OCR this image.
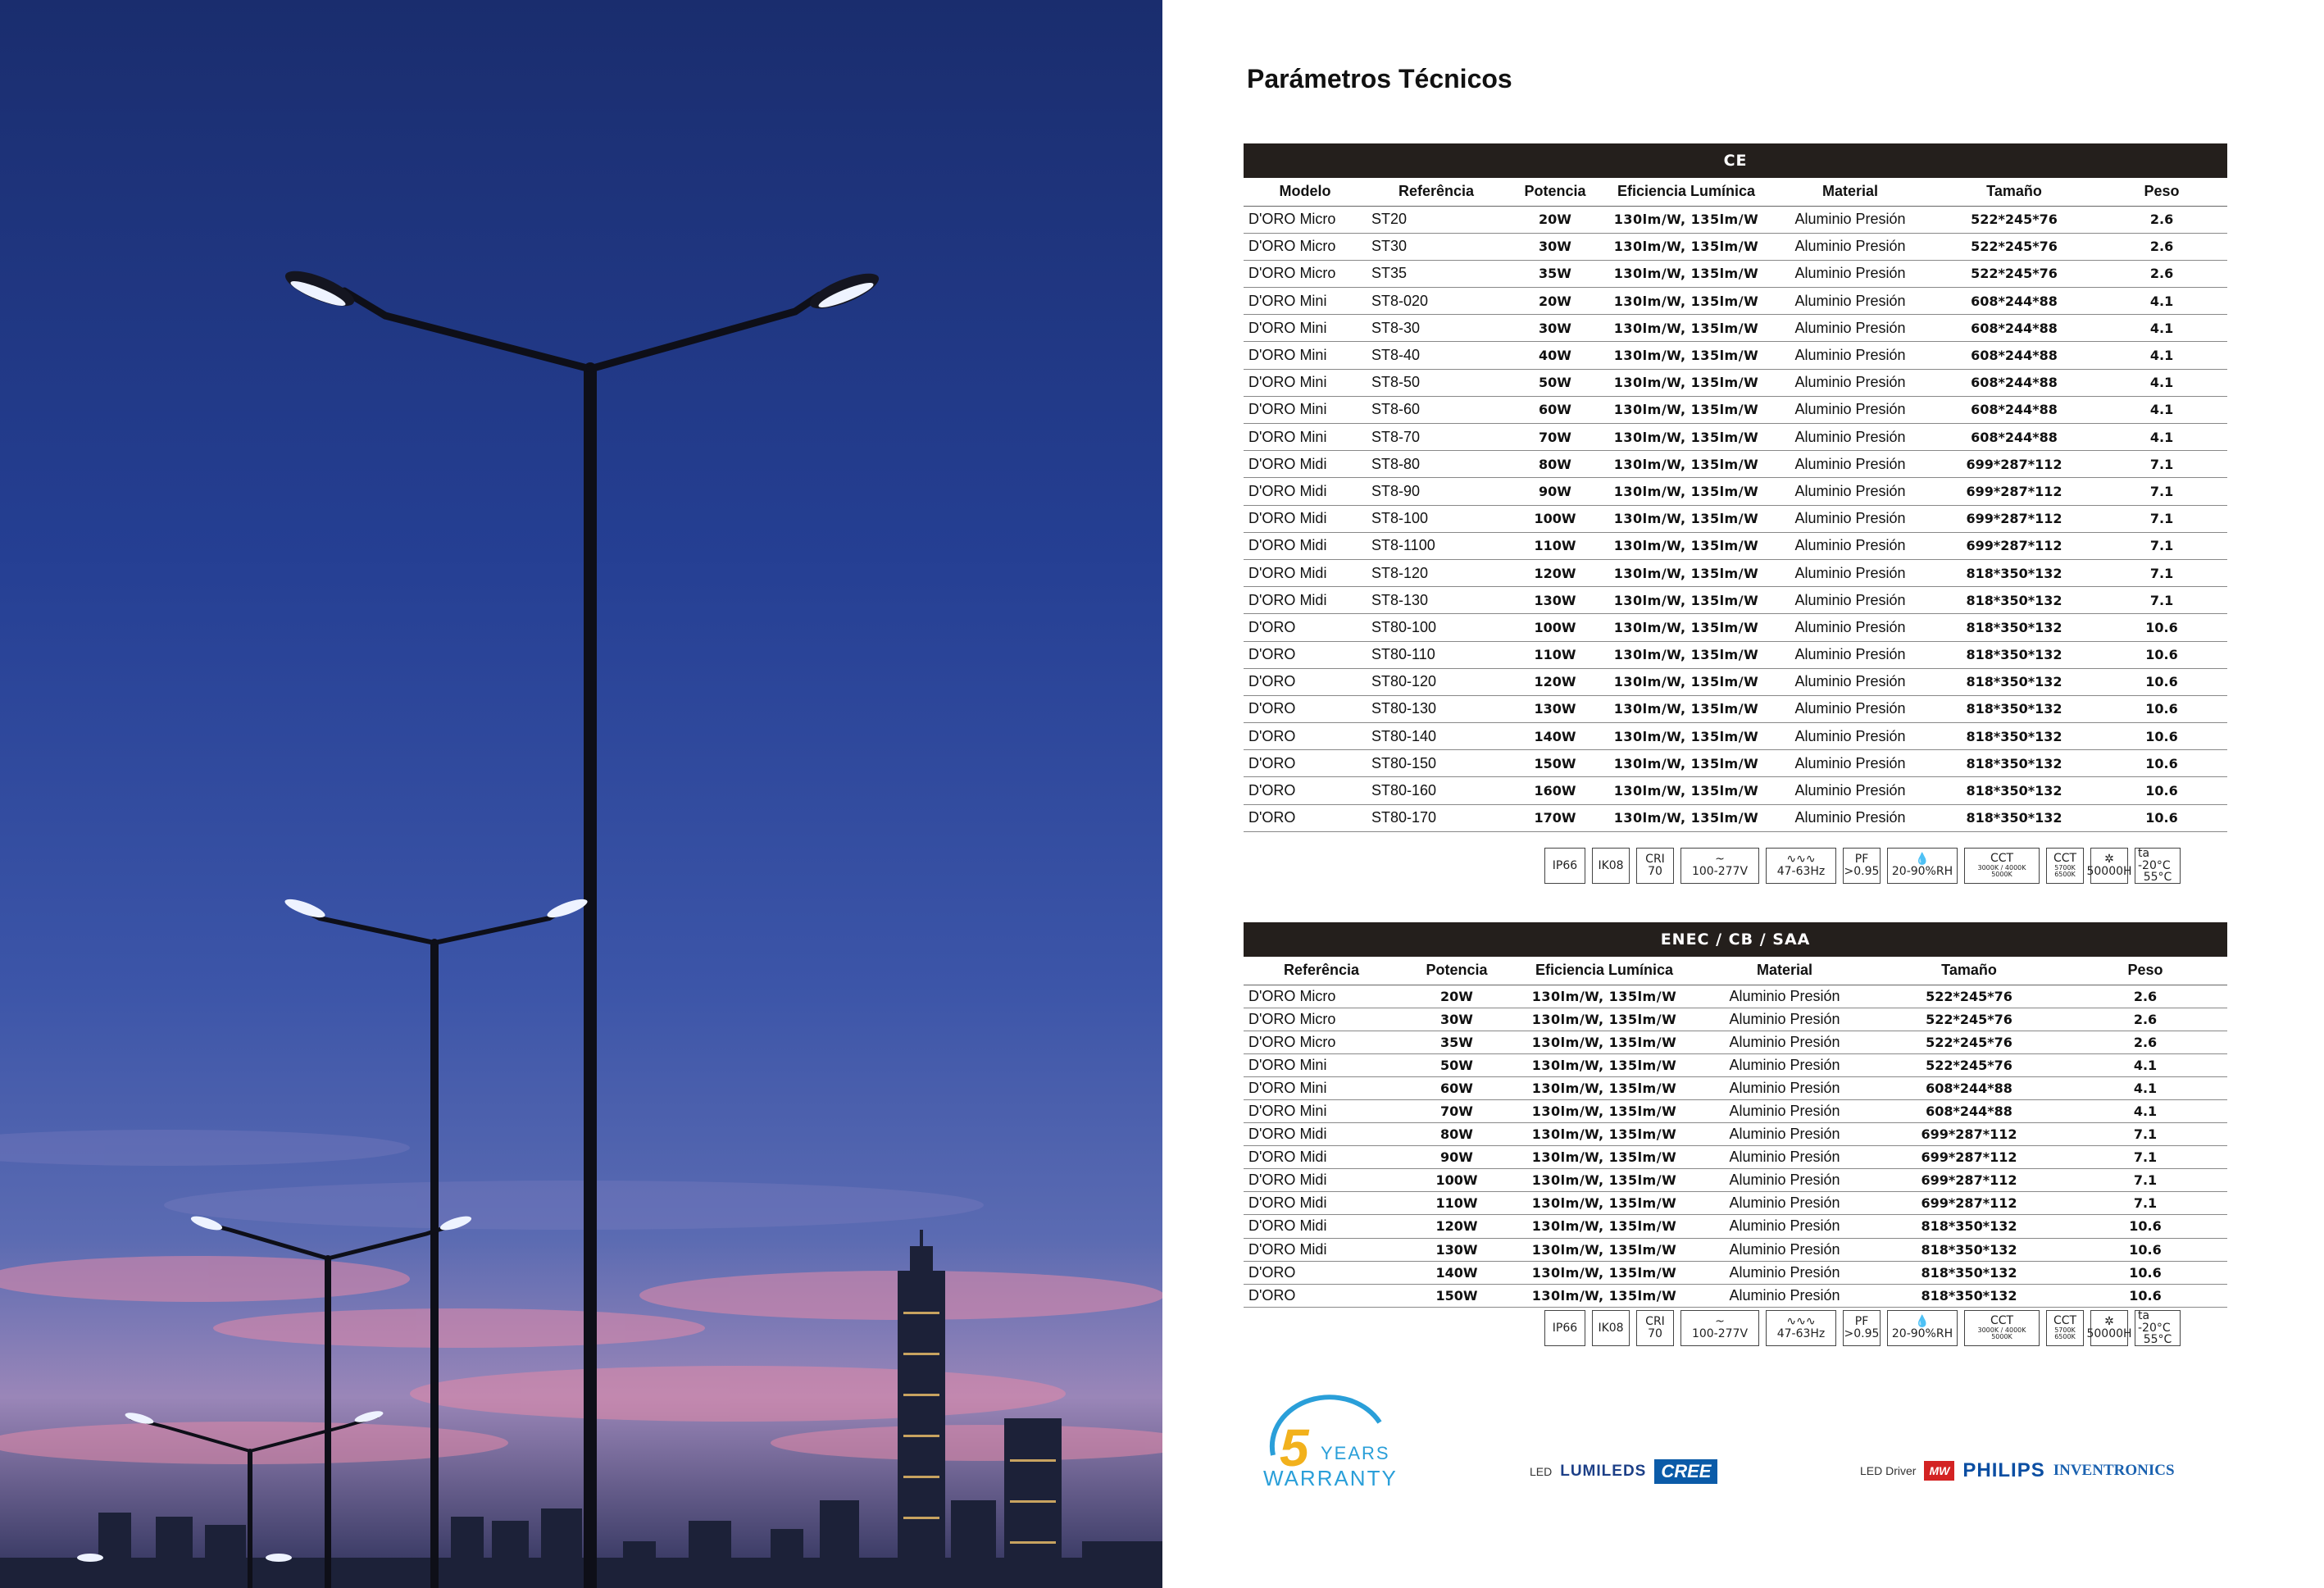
Parámetros Técnicos
CE						
Modelo	Referência	Potencia	Eficiencia Lumínica	Material	Tamaño	Peso
D'ORO Micro	ST20	20W	130lm/W, 135lm/W	Aluminio Presión	522*245*76	2.6
D'ORO Micro	ST30	30W	130lm/W, 135lm/W	Aluminio Presión	522*245*76	2.6
D'ORO Micro	ST35	35W	130lm/W, 135lm/W	Aluminio Presión	522*245*76	2.6
D'ORO Mini	ST8-020	20W	130lm/W, 135lm/W	Aluminio Presión	608*244*88	4.1
D'ORO Mini	ST8-30	30W	130lm/W, 135lm/W	Aluminio Presión	608*244*88	4.1
D'ORO Mini	ST8-40	40W	130lm/W, 135lm/W	Aluminio Presión	608*244*88	4.1
D'ORO Mini	ST8-50	50W	130lm/W, 135lm/W	Aluminio Presión	608*244*88	4.1
D'ORO Mini	ST8-60	60W	130lm/W, 135lm/W	Aluminio Presión	608*244*88	4.1
D'ORO Mini	ST8-70	70W	130lm/W, 135lm/W	Aluminio Presión	608*244*88	4.1
D'ORO Midi	ST8-80	80W	130lm/W, 135lm/W	Aluminio Presión	699*287*112	7.1
D'ORO Midi	ST8-90	90W	130lm/W, 135lm/W	Aluminio Presión	699*287*112	7.1
D'ORO Midi	ST8-100	100W	130lm/W, 135lm/W	Aluminio Presión	699*287*112	7.1
D'ORO Midi	ST8-1100	110W	130lm/W, 135lm/W	Aluminio Presión	699*287*112	7.1
D'ORO Midi	ST8-120	120W	130lm/W, 135lm/W	Aluminio Presión	818*350*132	7.1
D'ORO Midi	ST8-130	130W	130lm/W, 135lm/W	Aluminio Presión	818*350*132	7.1
D'ORO	ST80-100	100W	130lm/W, 135lm/W	Aluminio Presión	818*350*132	10.6
D'ORO	ST80-110	110W	130lm/W, 135lm/W	Aluminio Presión	818*350*132	10.6
D'ORO	ST80-120	120W	130lm/W, 135lm/W	Aluminio Presión	818*350*132	10.6
D'ORO	ST80-130	130W	130lm/W, 135lm/W	Aluminio Presión	818*350*132	10.6
D'ORO	ST80-140	140W	130lm/W, 135lm/W	Aluminio Presión	818*350*132	10.6
D'ORO	ST80-150	150W	130lm/W, 135lm/W	Aluminio Presión	818*350*132	10.6
D'ORO	ST80-160	160W	130lm/W, 135lm/W	Aluminio Presión	818*350*132	10.6
D'ORO	ST80-170	170W	130lm/W, 135lm/W	Aluminio Presión	818*350*132	10.6
IP66 IK08 CRI
70
~
100-277V
∿∿∿
47-63Hz
PF
>0.95
💧
20-90%RH
CCT
3000K / 4000K
5000K
CCT
5700K
6500K
✲
50000H
ta -20°C
55°C
ENEC / CB / SAA					
Referência	Potencia	Eficiencia Lumínica	Material	Tamaño	Peso
D'ORO Micro	20W	130lm/W, 135lm/W	Aluminio Presión	522*245*76	2.6
D'ORO Micro	30W	130lm/W, 135lm/W	Aluminio Presión	522*245*76	2.6
D'ORO Micro	35W	130lm/W, 135lm/W	Aluminio Presión	522*245*76	2.6
D'ORO Mini	50W	130lm/W, 135lm/W	Aluminio Presión	522*245*76	4.1
D'ORO Mini	60W	130lm/W, 135lm/W	Aluminio Presión	608*244*88	4.1
D'ORO Mini	70W	130lm/W, 135lm/W	Aluminio Presión	608*244*88	4.1
D'ORO Midi	80W	130lm/W, 135lm/W	Aluminio Presión	699*287*112	7.1
D'ORO Midi	90W	130lm/W, 135lm/W	Aluminio Presión	699*287*112	7.1
D'ORO Midi	100W	130lm/W, 135lm/W	Aluminio Presión	699*287*112	7.1
D'ORO Midi	110W	130lm/W, 135lm/W	Aluminio Presión	699*287*112	7.1
D'ORO Midi	120W	130lm/W, 135lm/W	Aluminio Presión	818*350*132	10.6
D'ORO Midi	130W	130lm/W, 135lm/W	Aluminio Presión	818*350*132	10.6
D'ORO	140W	130lm/W, 135lm/W	Aluminio Presión	818*350*132	10.6
D'ORO	150W	130lm/W, 135lm/W	Aluminio Presión	818*350*132	10.6
IP66 IK08 CRI
70
~
100-277V
∿∿∿
47-63Hz
PF
>0.95
💧
20-90%RH
CCT
3000K / 4000K
5000K
CCT
5700K
6500K
✲
50000H
ta -20°C
55°C
5 YEARS
WARRANTY	LED LUMILEDS CREE	LED Driver	MW PHILIPS INVENTRONICS
